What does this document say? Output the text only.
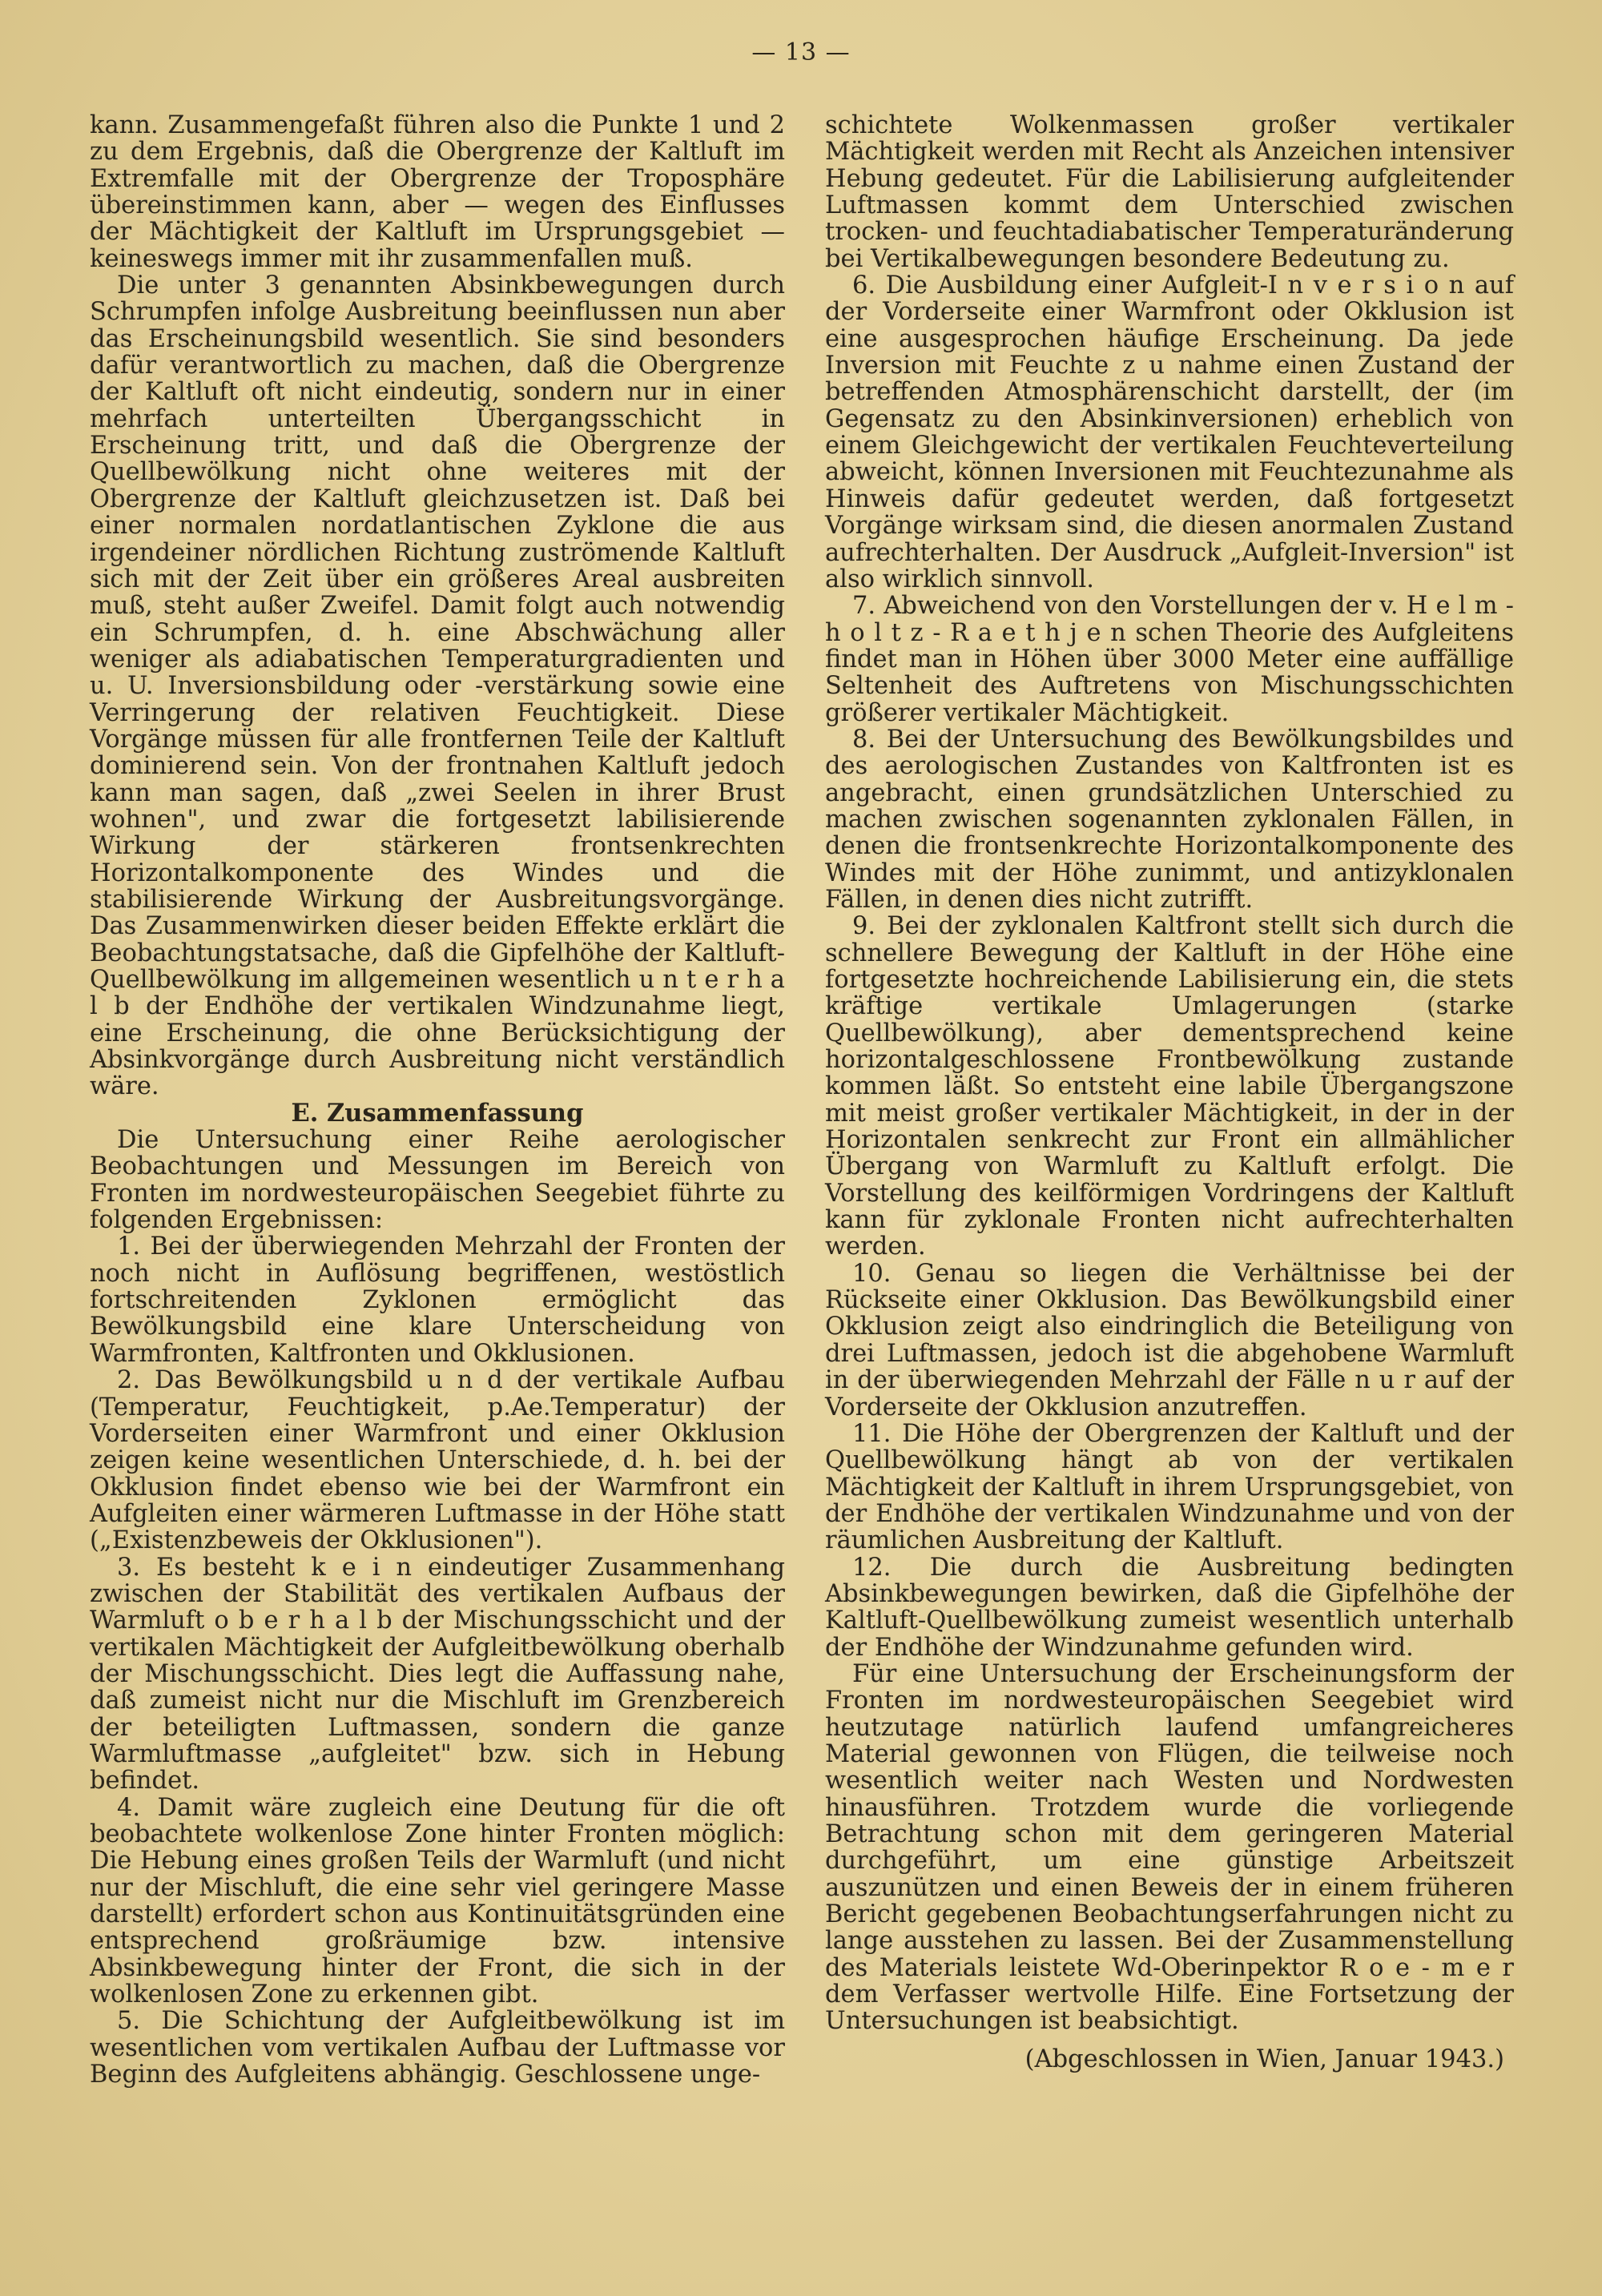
— 13 —

kann. Zusammengefaßt führen also die Punkte 1 und 2 zu dem Ergebnis, daß die Obergrenze der Kaltluft im Extremfalle mit der Obergrenze der Troposphäre übereinstimmen kann, aber — wegen des Einflusses der Mächtigkeit der Kaltluft im Ursprungsgebiet — keineswegs immer mit ihr zusammenfallen muß.

Die unter 3 genannten Absinkbewegungen durch Schrumpfen infolge Ausbreitung beeinflussen nun aber das Erscheinungsbild wesentlich. Sie sind besonders dafür verantwortlich zu machen, daß die Obergrenze der Kaltluft oft nicht eindeutig, sondern nur in einer mehrfach unterteilten Übergangsschicht in Erscheinung tritt, und daß die Obergrenze der Quellbewölkung nicht ohne weiteres mit der Obergrenze der Kaltluft gleichzusetzen ist. Daß bei einer normalen nordatlantischen Zyklone die aus irgendeiner nördlichen Richtung zuströmende Kaltluft sich mit der Zeit über ein größeres Areal ausbreiten muß, steht außer Zweifel. Damit folgt auch notwendig ein Schrumpfen, d. h. eine Abschwächung aller weniger als adiabatischen Temperaturgradienten und u. U. Inversionsbildung oder -verstärkung sowie eine Verringerung der relativen Feuchtigkeit. Diese Vorgänge müssen für alle frontfernen Teile der Kaltluft dominierend sein. Von der frontnahen Kaltluft jedoch kann man sagen, daß „zwei Seelen in ihrer Brust wohnen", und zwar die fortgesetzt labilisierende Wirkung der stärkeren frontsenkrechten Horizontalkomponente des Windes und die stabilisierende Wirkung der Ausbreitungsvorgänge. Das Zusammenwirken dieser beiden Effekte erklärt die Beobachtungstatsache, daß die Gipfelhöhe der Kaltluft-Quellbewölkung im allgemeinen wesentlich u n t e r h a l b der Endhöhe der vertikalen Windzunahme liegt, eine Erscheinung, die ohne Berücksichtigung der Absinkvorgänge durch Ausbreitung nicht verständlich wäre.

E. Zusammenfassung

Die Untersuchung einer Reihe aerologischer Beobachtungen und Messungen im Bereich von Fronten im nordwesteuropäischen Seegebiet führte zu folgenden Ergebnissen:

1. Bei der überwiegenden Mehrzahl der Fronten der noch nicht in Auflösung begriffenen, westöstlich fortschreitenden Zyklonen ermöglicht das Bewölkungsbild eine klare Unterscheidung von Warmfronten, Kaltfronten und Okklusionen.

2. Das Bewölkungsbild u n d der vertikale Aufbau (Temperatur, Feuchtigkeit, p.Ae.Temperatur) der Vorderseiten einer Warmfront und einer Okklusion zeigen keine wesentlichen Unterschiede, d. h. bei der Okklusion findet ebenso wie bei der Warmfront ein Aufgleiten einer wärmeren Luftmasse in der Höhe statt („Existenzbeweis der Okklusionen").

3. Es besteht k e i n eindeutiger Zusammenhang zwischen der Stabilität des vertikalen Aufbaus der Warmluft o b e r h a l b der Mischungsschicht und der vertikalen Mächtigkeit der Aufgleitbewölkung oberhalb der Mischungsschicht. Dies legt die Auffassung nahe, daß zumeist nicht nur die Mischluft im Grenzbereich der beteiligten Luftmassen, sondern die ganze Warmluftmasse „aufgleitet" bzw. sich in Hebung befindet.

4. Damit wäre zugleich eine Deutung für die oft beobachtete wolkenlose Zone hinter Fronten möglich: Die Hebung eines großen Teils der Warmluft (und nicht nur der Mischluft, die eine sehr viel geringere Masse darstellt) erfordert schon aus Kontinuitätsgründen eine entsprechend großräumige bzw. intensive Absinkbewegung hinter der Front, die sich in der wolkenlosen Zone zu erkennen gibt.

5. Die Schichtung der Aufgleitbewölkung ist im wesentlichen vom vertikalen Aufbau der Luftmasse vor Beginn des Aufgleitens abhängig. Geschlossene unge-

schichtete Wolkenmassen großer vertikaler Mächtigkeit werden mit Recht als Anzeichen intensiver Hebung gedeutet. Für die Labilisierung aufgleitender Luftmassen kommt dem Unterschied zwischen trocken- und feuchtadiabatischer Temperaturänderung bei Vertikalbewegungen besondere Bedeutung zu.

6. Die Ausbildung einer Aufgleit-I n v e r s i o n auf der Vorderseite einer Warmfront oder Okklusion ist eine ausgesprochen häufige Erscheinung. Da jede Inversion mit Feuchte z u nahme einen Zustand der betreffenden Atmosphärenschicht darstellt, der (im Gegensatz zu den Absinkinversionen) erheblich von einem Gleichgewicht der vertikalen Feuchteverteilung abweicht, können Inversionen mit Feuchtezunahme als Hinweis dafür gedeutet werden, daß fortgesetzt Vorgänge wirksam sind, die diesen anormalen Zustand aufrechterhalten. Der Ausdruck „Aufgleit-Inversion" ist also wirklich sinnvoll.

7. Abweichend von den Vorstellungen der v. H e l m - h o l t z - R a e t h j e n schen Theorie des Aufgleitens findet man in Höhen über 3000 Meter eine auffällige Seltenheit des Auftretens von Mischungsschichten größerer vertikaler Mächtigkeit.

8. Bei der Untersuchung des Bewölkungsbildes und des aerologischen Zustandes von Kaltfronten ist es angebracht, einen grundsätzlichen Unterschied zu machen zwischen sogenannten zyklonalen Fällen, in denen die frontsenkrechte Horizontalkomponente des Windes mit der Höhe zunimmt, und antizyklonalen Fällen, in denen dies nicht zutrifft.

9. Bei der zyklonalen Kaltfront stellt sich durch die schnellere Bewegung der Kaltluft in der Höhe eine fortgesetzte hochreichende Labilisierung ein, die stets kräftige vertikale Umlagerungen (starke Quellbewölkung), aber dementsprechend keine horizontalgeschlossene Frontbewölkung zustande kommen läßt. So entsteht eine labile Übergangszone mit meist großer vertikaler Mächtigkeit, in der in der Horizontalen senkrecht zur Front ein allmählicher Übergang von Warmluft zu Kaltluft erfolgt. Die Vorstellung des keilförmigen Vordringens der Kaltluft kann für zyklonale Fronten nicht aufrechterhalten werden.

10. Genau so liegen die Verhältnisse bei der Rückseite einer Okklusion. Das Bewölkungsbild einer Okklusion zeigt also eindringlich die Beteiligung von drei Luftmassen, jedoch ist die abgehobene Warmluft in der überwiegenden Mehrzahl der Fälle n u r auf der Vorderseite der Okklusion anzutreffen.

11. Die Höhe der Obergrenzen der Kaltluft und der Quellbewölkung hängt ab von der vertikalen Mächtigkeit der Kaltluft in ihrem Ursprungsgebiet, von der Endhöhe der vertikalen Windzunahme und von der räumlichen Ausbreitung der Kaltluft.

12. Die durch die Ausbreitung bedingten Absinkbewegungen bewirken, daß die Gipfelhöhe der Kaltluft-Quellbewölkung zumeist wesentlich unterhalb der Endhöhe der Windzunahme gefunden wird.

Für eine Untersuchung der Erscheinungsform der Fronten im nordwesteuropäischen Seegebiet wird heutzutage natürlich laufend umfangreicheres Material gewonnen von Flügen, die teilweise noch wesentlich weiter nach Westen und Nordwesten hinausführen. Trotzdem wurde die vorliegende Betrachtung schon mit dem geringeren Material durchgeführt, um eine günstige Arbeitszeit auszunützen und einen Beweis der in einem früheren Bericht gegebenen Beobachtungserfahrungen nicht zu lange ausstehen zu lassen. Bei der Zusammenstellung des Materials leistete Wd-Oberinpektor R o e - m e r dem Verfasser wertvolle Hilfe. Eine Fortsetzung der Untersuchungen ist beabsichtigt.

(Abgeschlossen in Wien, Januar 1943.)
